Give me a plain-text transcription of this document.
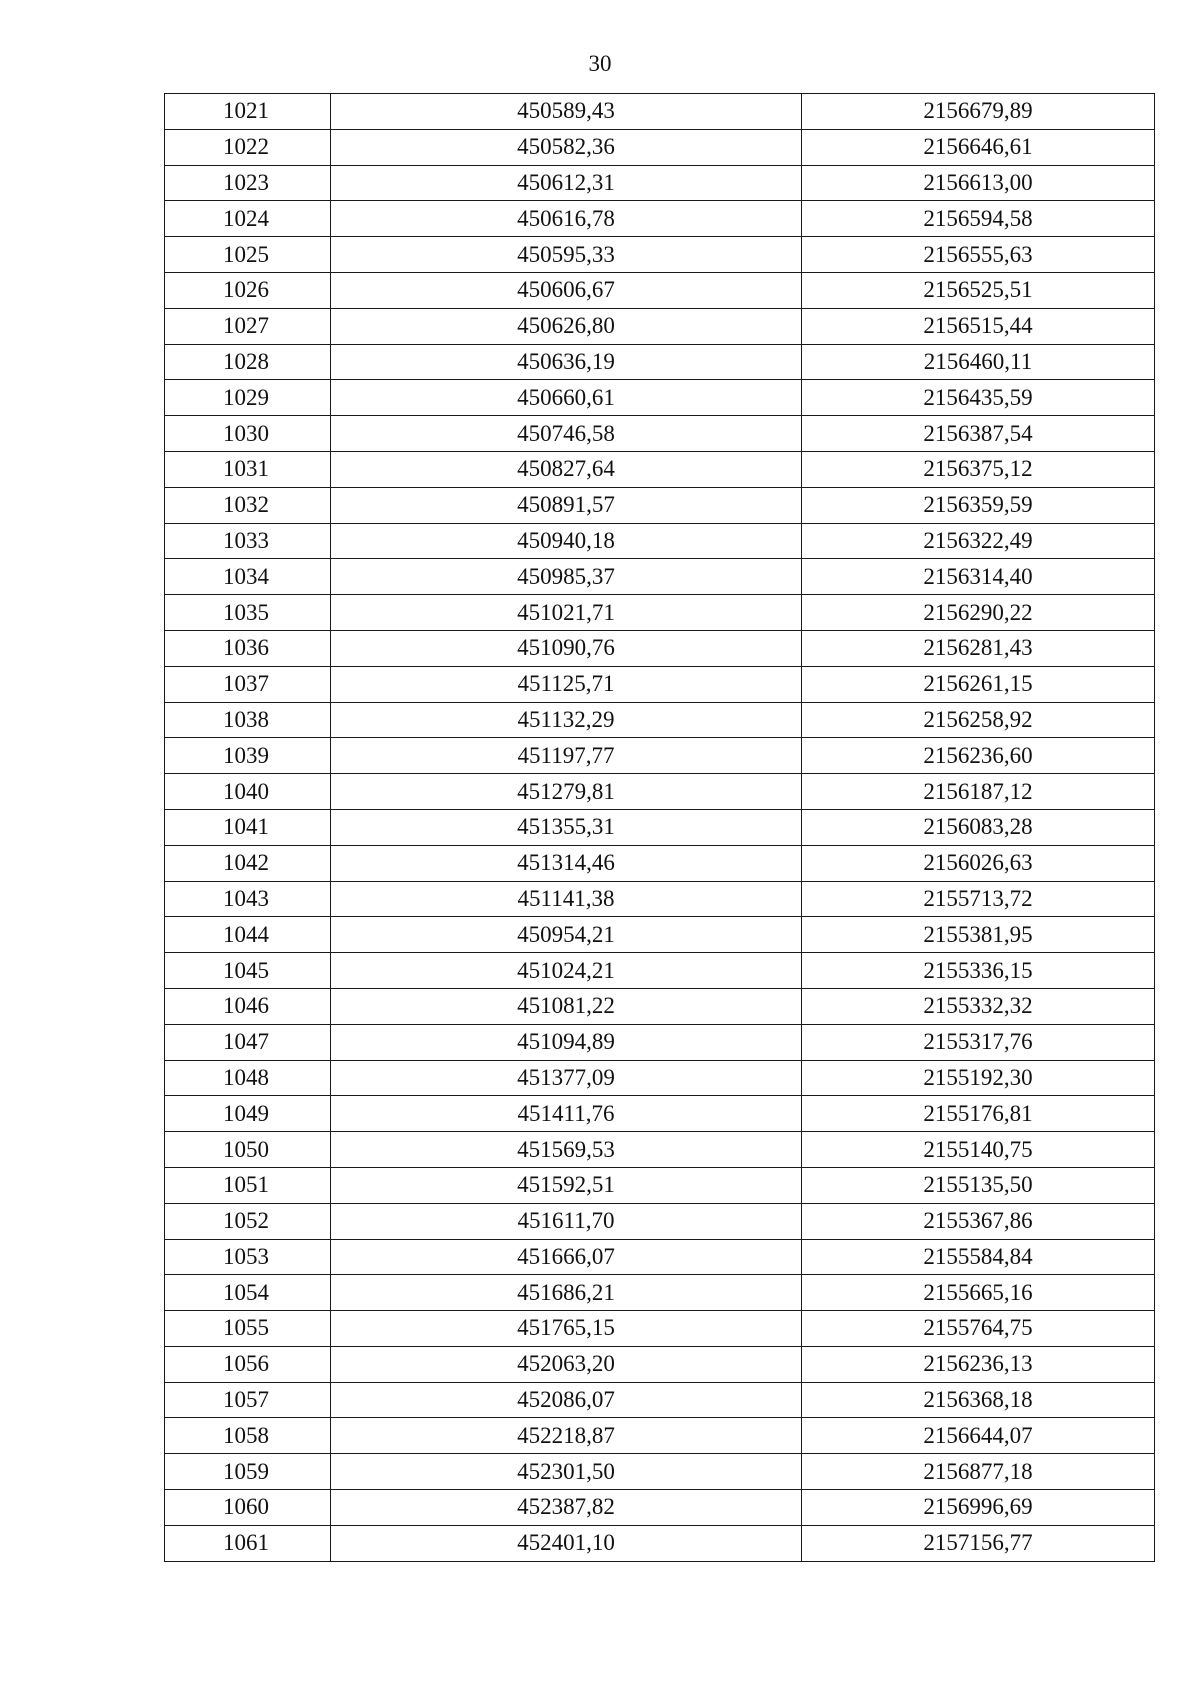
30
1021	450589,43	2156679,89
1022	450582,36	2156646,61
1023	450612,31	2156613,00
1024	450616,78	2156594,58
1025	450595,33	2156555,63
1026	450606,67	2156525,51
1027	450626,80	2156515,44
1028	450636,19	2156460,11
1029	450660,61	2156435,59
1030	450746,58	2156387,54
1031	450827,64	2156375,12
1032	450891,57	2156359,59
1033	450940,18	2156322,49
1034	450985,37	2156314,40
1035	451021,71	2156290,22
1036	451090,76	2156281,43
1037	451125,71	2156261,15
1038	451132,29	2156258,92
1039	451197,77	2156236,60
1040	451279,81	2156187,12
1041	451355,31	2156083,28
1042	451314,46	2156026,63
1043	451141,38	2155713,72
1044	450954,21	2155381,95
1045	451024,21	2155336,15
1046	451081,22	2155332,32
1047	451094,89	2155317,76
1048	451377,09	2155192,30
1049	451411,76	2155176,81
1050	451569,53	2155140,75
1051	451592,51	2155135,50
1052	451611,70	2155367,86
1053	451666,07	2155584,84
1054	451686,21	2155665,16
1055	451765,15	2155764,75
1056	452063,20	2156236,13
1057	452086,07	2156368,18
1058	452218,87	2156644,07
1059	452301,50	2156877,18
1060	452387,82	2156996,69
1061	452401,10	2157156,77
